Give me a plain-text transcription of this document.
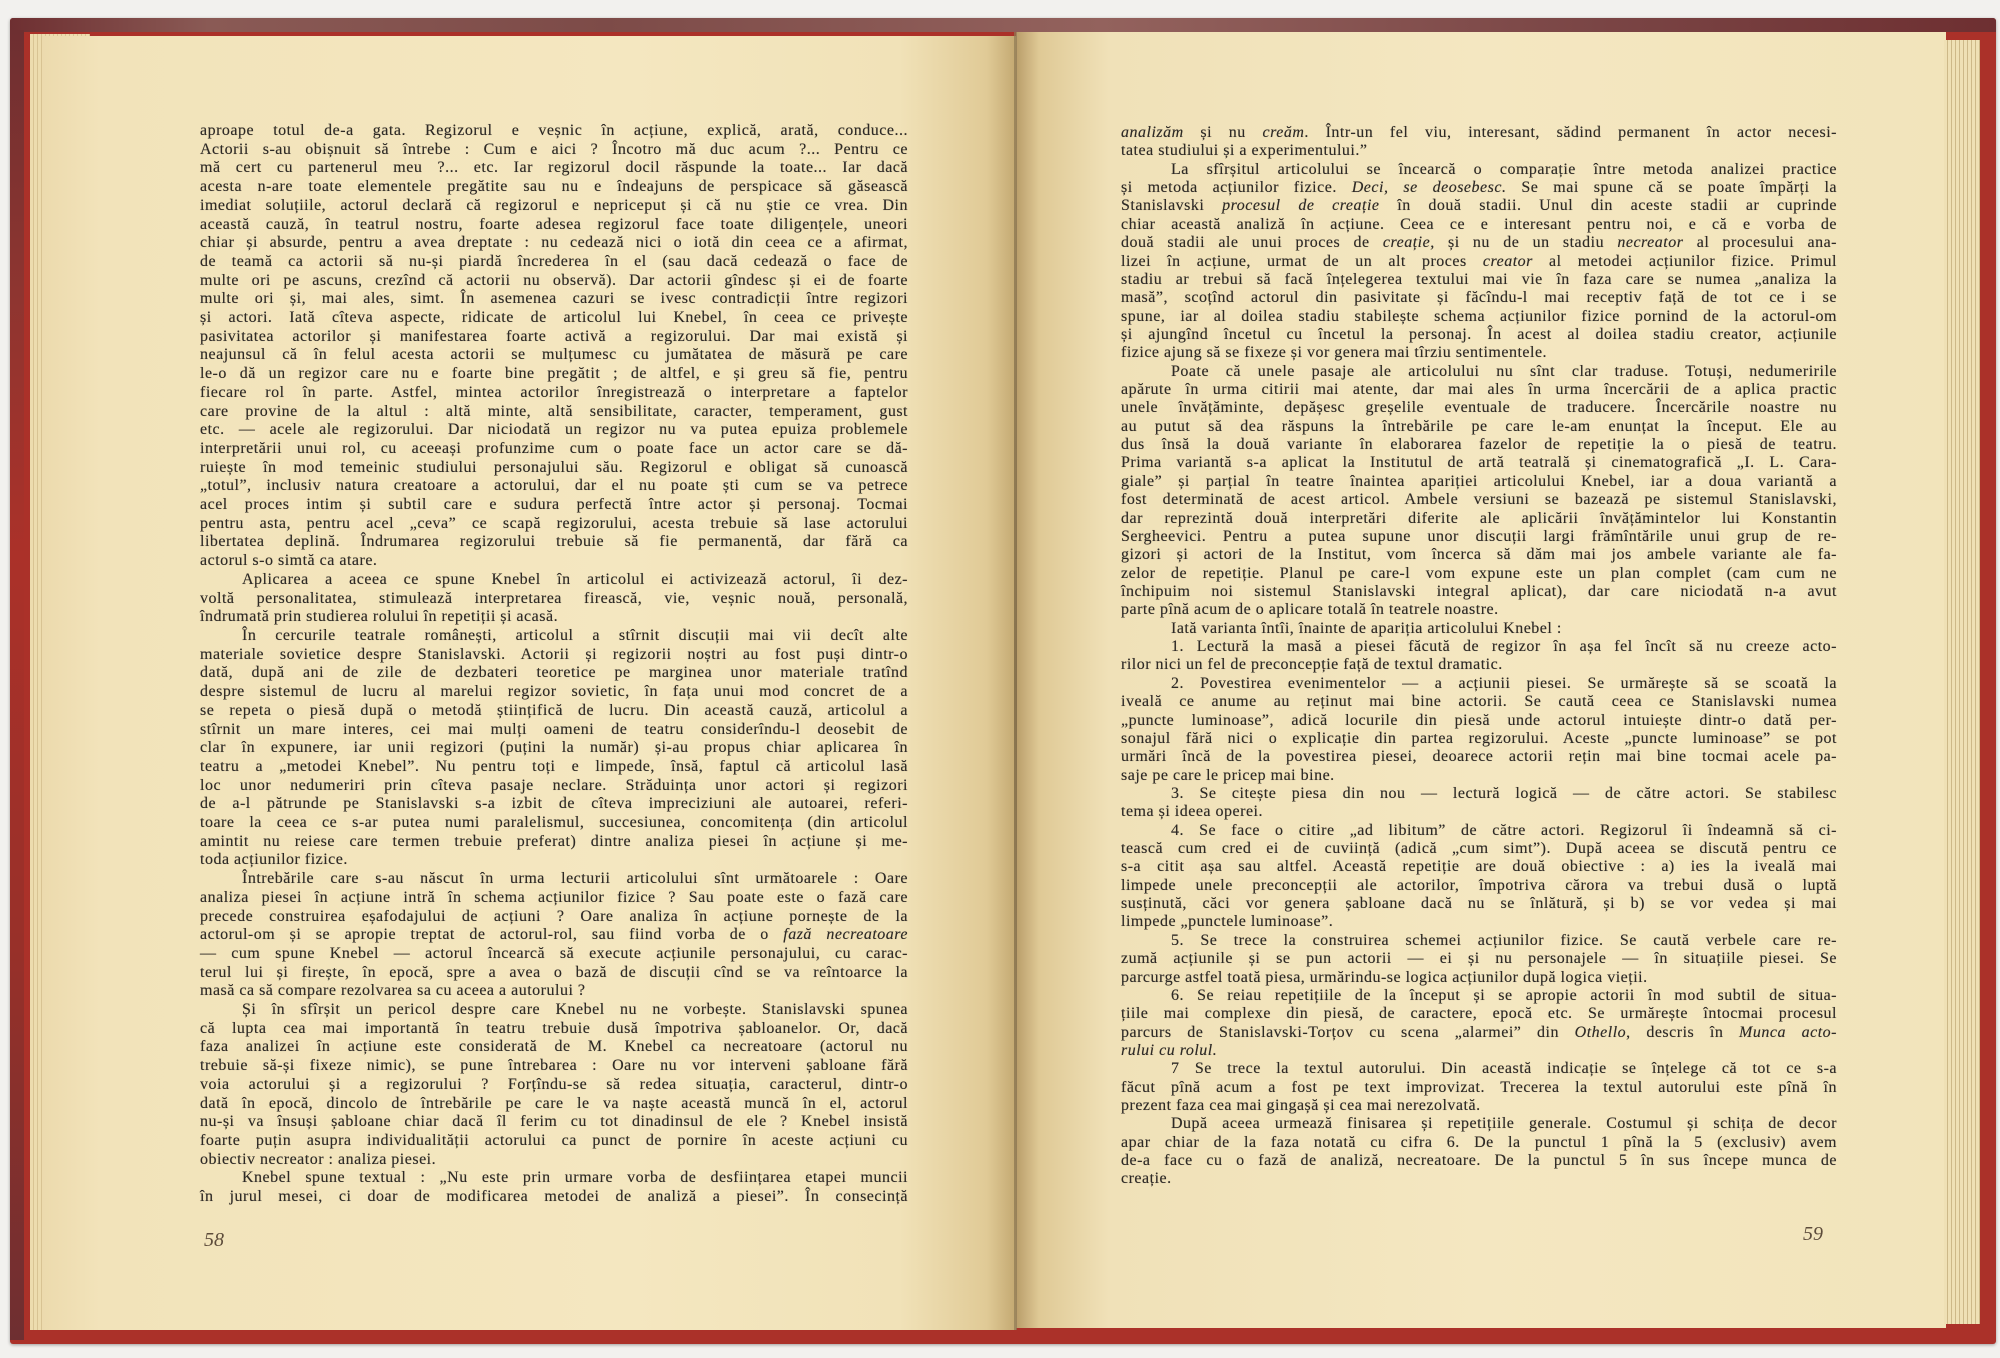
aproape totul de-a gata. Regizorul e veșnic în acțiune, explică, arată, conduce...
Actorii s-au obișnuit să întrebe : Cum e aici ? Încotro mă duc acum ?... Pentru ce
mă cert cu partenerul meu ?... etc. Iar regizorul docil răspunde la toate... Iar dacă
acesta n-are toate elementele pregătite sau nu e îndeajuns de perspicace să găsească
imediat soluțiile, actorul declară că regizorul e nepriceput și că nu știe ce vrea. Din
această cauză, în teatrul nostru, foarte adesea regizorul face toate diligențele, uneori
chiar și absurde, pentru a avea dreptate : nu cedează nici o iotă din ceea ce a afirmat,
de teamă ca actorii să nu-și piardă încrederea în el (sau dacă cedează o face de
multe ori pe ascuns, crezînd că actorii nu observă). Dar actorii gîndesc și ei de foarte
multe ori și, mai ales, simt. În asemenea cazuri se ivesc contradicții între regizori
și actori. Iată cîteva aspecte, ridicate de articolul lui Knebel, în ceea ce privește
pasivitatea actorilor și manifestarea foarte activă a regizorului. Dar mai există și
neajunsul că în felul acesta actorii se mulțumesc cu jumătatea de măsură pe care
le-o dă un regizor care nu e foarte bine pregătit ; de altfel, e și greu să fie, pentru
fiecare rol în parte. Astfel, mintea actorilor înregistrează o interpretare a faptelor
care provine de la altul : altă minte, altă sensibilitate, caracter, temperament, gust
etc. — acele ale regizorului. Dar niciodată un regizor nu va putea epuiza problemele
interpretării unui rol, cu aceeași profunzime cum o poate face un actor care se dă-
ruiește în mod temeinic studiului personajului său. Regizorul e obligat să cunoască
„totul”, inclusiv natura creatoare a actorului, dar el nu poate ști cum se va petrece
acel proces intim și subtil care e sudura perfectă între actor și personaj. Tocmai
pentru asta, pentru acel „ceva” ce scapă regizorului, acesta trebuie să lase actorului
libertatea deplină. Îndrumarea regizorului trebuie să fie permanentă, dar fără ca
actorul s-o simtă ca atare.
Aplicarea a aceea ce spune Knebel în articolul ei activizează actorul, îi dez-
voltă personalitatea, stimulează interpretarea firească, vie, veșnic nouă, personală,
îndrumată prin studierea rolului în repetiții și acasă.
În cercurile teatrale românești, articolul a stîrnit discuții mai vii decît alte
materiale sovietice despre Stanislavski. Actorii și regizorii noștri au fost puși dintr-o
dată, după ani de zile de dezbateri teoretice pe marginea unor materiale tratînd
despre sistemul de lucru al marelui regizor sovietic, în fața unui mod concret de a
se repeta o piesă după o metodă științifică de lucru. Din această cauză, articolul a
stîrnit un mare interes, cei mai mulți oameni de teatru considerîndu-l deosebit de
clar în expunere, iar unii regizori (puțini la număr) și-au propus chiar aplicarea în
teatru a „metodei Knebel”. Nu pentru toți e limpede, însă, faptul că articolul lasă
loc unor nedumeriri prin cîteva pasaje neclare. Străduința unor actori și regizori
de a-l pătrunde pe Stanislavski s-a izbit de cîteva impreciziuni ale autoarei, referi-
toare la ceea ce s-ar putea numi paralelismul, succesiunea, concomitența (din articolul
amintit nu reiese care termen trebuie preferat) dintre analiza piesei în acțiune și me-
toda acțiunilor fizice.
Întrebările care s-au născut în urma lecturii articolului sînt următoarele : Oare
analiza piesei în acțiune intră în schema acțiunilor fizice ? Sau poate este o fază care
precede construirea eșafodajului de acțiuni ? Oare analiza în acțiune pornește de la
actorul-om și se apropie treptat de actorul-rol, sau fiind vorba de o fază necreatoare
— cum spune Knebel — actorul încearcă să execute acțiunile personajului, cu carac-
terul lui și firește, în epocă, spre a avea o bază de discuții cînd se va reîntoarce la
masă ca să compare rezolvarea sa cu aceea a autorului ?
Și în sfîrșit un pericol despre care Knebel nu ne vorbește. Stanislavski spunea
că lupta cea mai importantă în teatru trebuie dusă împotriva șabloanelor. Or, dacă
faza analizei în acțiune este considerată de M. Knebel ca necreatoare (actorul nu
trebuie să-și fixeze nimic), se pune întrebarea : Oare nu vor interveni șabloane fără
voia actorului și a regizorului ? Forțîndu-se să redea situația, caracterul, dintr-o
dată în epocă, dincolo de întrebările pe care le va naște această muncă în el, actorul
nu-și va însuși șabloane chiar dacă îl ferim cu tot dinadinsul de ele ? Knebel insistă
foarte puțin asupra individualității actorului ca punct de pornire în aceste acțiuni cu
obiectiv necreator : analiza piesei.
Knebel spune textual : „Nu este prin urmare vorba de desființarea etapei muncii
în jurul mesei, ci doar de modificarea metodei de analiză a piesei”. În consecință
analizăm și nu creăm. Într-un fel viu, interesant, sădind permanent în actor necesi-
tatea studiului și a experimentului.”
La sfîrșitul articolului se încearcă o comparație între metoda analizei practice
și metoda acțiunilor fizice. Deci, se deosebesc. Se mai spune că se poate împărți la
Stanislavski procesul de creație în două stadii. Unul din aceste stadii ar cuprinde
chiar această analiză în acțiune. Ceea ce e interesant pentru noi, e că e vorba de
două stadii ale unui proces de creație, și nu de un stadiu necreator al procesului ana-
lizei în acțiune, urmat de un alt proces creator al metodei acțiunilor fizice. Primul
stadiu ar trebui să facă înțelegerea textului mai vie în faza care se numea „analiza la
masă”, scoțînd actorul din pasivitate și făcîndu-l mai receptiv față de tot ce i se
spune, iar al doilea stadiu stabilește schema acțiunilor fizice pornind de la actorul-om
și ajungînd încetul cu încetul la personaj. În acest al doilea stadiu creator, acțiunile
fizice ajung să se fixeze și vor genera mai tîrziu sentimentele.
Poate că unele pasaje ale articolului nu sînt clar traduse. Totuși, nedumeririle
apărute în urma citirii mai atente, dar mai ales în urma încercării de a aplica practic
unele învățăminte, depășesc greșelile eventuale de traducere. Încercările noastre nu
au putut să dea răspuns la întrebările pe care le-am enunțat la început. Ele au
dus însă la două variante în elaborarea fazelor de repetiție la o piesă de teatru.
Prima variantă s-a aplicat la Institutul de artă teatrală și cinematografică „I. L. Cara-
giale” și parțial în teatre înaintea apariției articolului Knebel, iar a doua variantă a
fost determinată de acest articol. Ambele versiuni se bazează pe sistemul Stanislavski,
dar reprezintă două interpretări diferite ale aplicării învățămintelor lui Konstantin
Sergheevici. Pentru a putea supune unor discuții largi frămîntările unui grup de re-
gizori și actori de la Institut, vom încerca să dăm mai jos ambele variante ale fa-
zelor de repetiție. Planul pe care-l vom expune este un plan complet (cam cum ne
închipuim noi sistemul Stanislavski integral aplicat), dar care niciodată n-a avut
parte pînă acum de o aplicare totală în teatrele noastre.
Iată varianta întîi, înainte de apariția articolului Knebel :
1. Lectură la masă a piesei făcută de regizor în așa fel încît să nu creeze acto-
rilor nici un fel de preconcepție față de textul dramatic.
2. Povestirea evenimentelor — a acțiunii piesei. Se urmărește să se scoată la
iveală ce anume au reținut mai bine actorii. Se caută ceea ce Stanislavski numea
„puncte luminoase”, adică locurile din piesă unde actorul intuiește dintr-o dată per-
sonajul fără nici o explicație din partea regizorului. Aceste „puncte luminoase” se pot
urmări încă de la povestirea piesei, deoarece actorii rețin mai bine tocmai acele pa-
saje pe care le pricep mai bine.
3. Se citește piesa din nou — lectură logică — de către actori. Se stabilesc
tema și ideea operei.
4. Se face o citire „ad libitum” de către actori. Regizorul îi îndeamnă să ci-
tească cum cred ei de cuviință (adică „cum simt”). După aceea se discută pentru ce
s-a citit așa sau altfel. Această repetiție are două obiective : a) ies la iveală mai
limpede unele preconcepții ale actorilor, împotriva cărora va trebui dusă o luptă
susținută, căci vor genera șabloane dacă nu se înlătură, și b) se vor vedea și mai
limpede „punctele luminoase”.
5. Se trece la construirea schemei acțiunilor fizice. Se caută verbele care re-
zumă acțiunile și se pun actorii — ei și nu personajele — în situațiile piesei. Se
parcurge astfel toată piesa, urmărindu-se logica acțiunilor după logica vieții.
6. Se reiau repetițiile de la început și se apropie actorii în mod subtil de situa-
țiile mai complexe din piesă, de caractere, epocă etc. Se urmărește întocmai procesul
parcurs de Stanislavski-Torțov cu scena „alarmei” din Othello, descris în Munca acto-
rului cu rolul.
7 Se trece la textul autorului. Din această indicație se înțelege că tot ce s-a
făcut pînă acum a fost pe text improvizat. Trecerea la textul autorului este pînă în
prezent faza cea mai gingașă și cea mai nerezolvată.
După aceea urmează finisarea și repetițiile generale. Costumul și schița de decor
apar chiar de la faza notată cu cifra 6. De la punctul 1 pînă la 5 (exclusiv) avem
de-a face cu o fază de analiză, necreatoare. De la punctul 5 în sus începe munca de
creație.
58	59
